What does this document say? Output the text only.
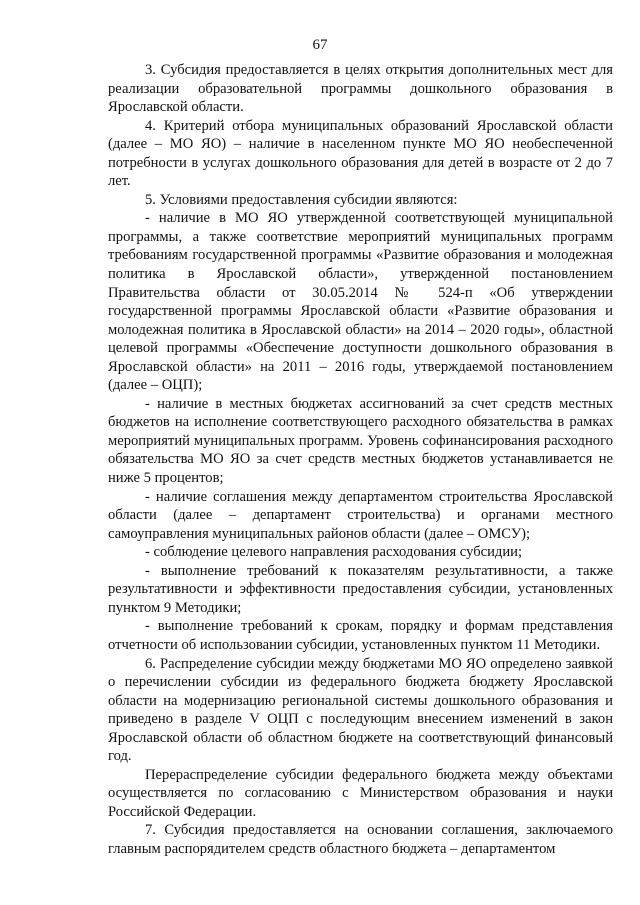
67

3. Субсидия предоставляется в целях открытия дополнительных мест для реализации образовательной программы дошкольного образования в Ярославской области.

4. Критерий отбора муниципальных образований Ярославской области (далее – МО ЯО) – наличие в населенном пункте МО ЯО необеспеченной потребности в услугах дошкольного образования для детей в возрасте от 2 до 7 лет.

5. Условиями предоставления субсидии являются:

- наличие в МО ЯО утвержденной соответствующей муниципальной программы, а также соответствие мероприятий муниципальных программ требованиям государственной программы «Развитие образования и молодежная политика в Ярославской области», утвержденной постановлением Правительства области от 30.05.2014 № 524-п «Об утверждении государственной программы Ярославской области «Развитие образования и молодежная политика в Ярославской области» на 2014 – 2020 годы», областной целевой программы «Обеспечение доступности дошкольного образования в Ярославской области» на 2011 – 2016 годы, утверждаемой постановлением (далее – ОЦП);

- наличие в местных бюджетах ассигнований за счет средств местных бюджетов на исполнение соответствующего расходного обязательства в рамках мероприятий муниципальных программ. Уровень софинансирования расходного обязательства МО ЯО за счет средств местных бюджетов устанавливается не ниже 5 процентов;

- наличие соглашения между департаментом строительства Ярославской области (далее – департамент строительства) и органами местного самоуправления муниципальных районов области (далее – ОМСУ);

- соблюдение целевого направления расходования субсидии;

- выполнение требований к показателям результативности, а также результативности и эффективности предоставления субсидии, установленных пунктом 9 Методики;

- выполнение требований к срокам, порядку и формам представления отчетности об использовании субсидии, установленных пунктом 11 Методики.

6. Распределение субсидии между бюджетами МО ЯО определено заявкой о перечислении субсидии из федерального бюджета бюджету Ярославской области на модернизацию региональной системы дошкольного образования и приведено в разделе V ОЦП с последующим внесением изменений в закон Ярославской области об областном бюджете на соответствующий финансовый год.

Перераспределение субсидии федерального бюджета между объектами осуществляется по согласованию с Министерством образования и науки Российской Федерации.

7. Субсидия предоставляется на основании соглашения, заключаемого главным распорядителем средств областного бюджета – департаментом
